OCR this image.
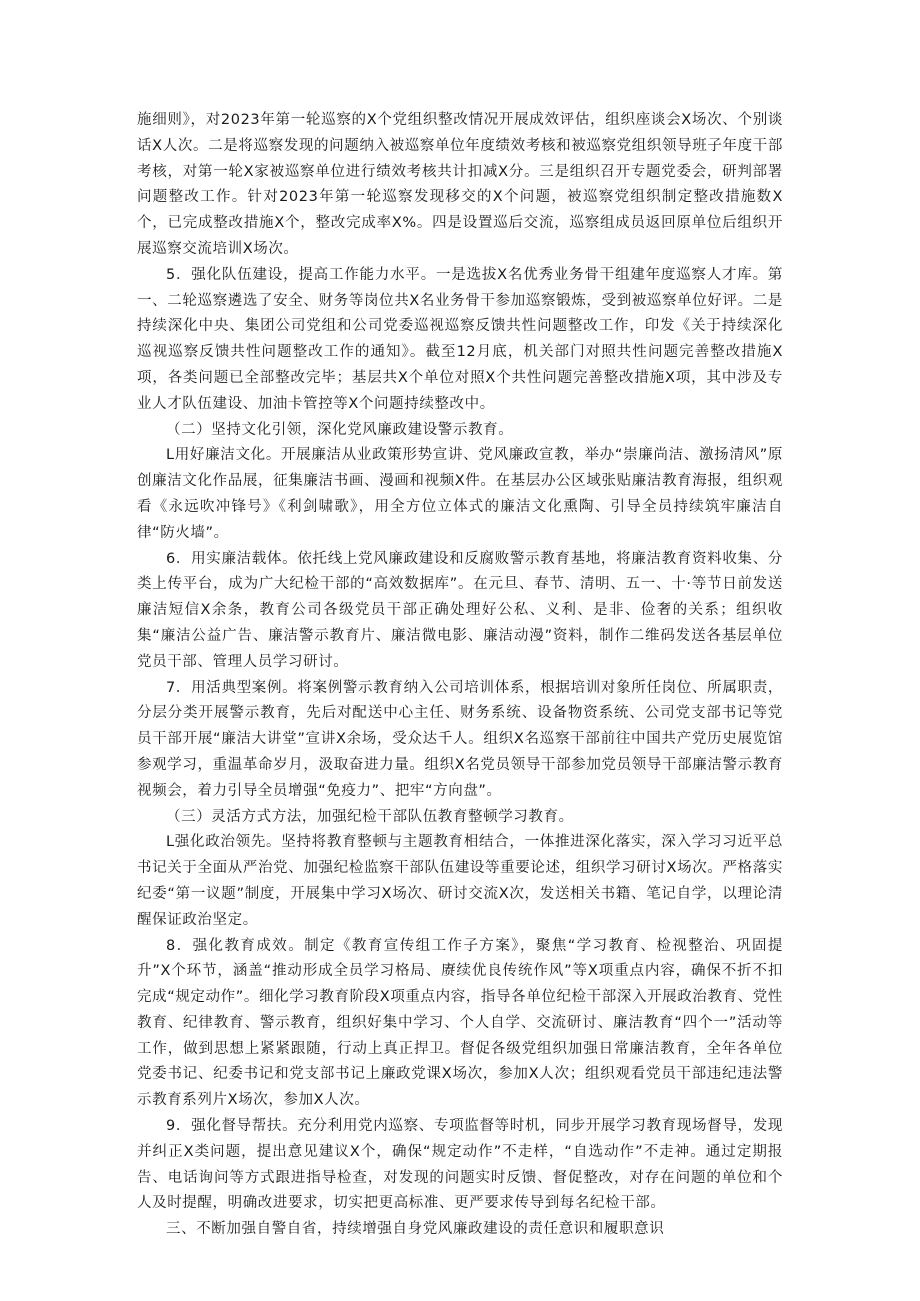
施细则》，对2023年第一轮巡察的X个党组织整改情况开展成效评估，组织座谈会X场次、个别谈话X人次。二是将巡察发现的问题纳入被巡察单位年度绩效考核和被巡察党组织领导班子年度干部考核，对第一轮X家被巡察单位进行绩效考核共计扣减X分。三是组织召开专题党委会，研判部署问题整改工作。针对2023年第一轮巡察发现移交的X个问题，被巡察党组织制定整改措施数X个，已完成整改措施X个，整改完成率X%。四是设置巡后交流，巡察组成员返回原单位后组织开展巡察交流培训X场次。

5．强化队伍建设，提高工作能力水平。一是选拔X名优秀业务骨干组建年度巡察人才库。第一、二轮巡察遴选了安全、财务等岗位共X名业务骨干参加巡察锻炼，受到被巡察单位好评。二是持续深化中央、集团公司党组和公司党委巡视巡察反馈共性问题整改工作，印发《关于持续深化巡视巡察反馈共性问题整改工作的通知》。截至12月底，机关部门对照共性问题完善整改措施X项，各类问题已全部整改完毕；基层共X个单位对照X个共性问题完善整改措施X项，其中涉及专业人才队伍建设、加油卡管控等X个问题持续整改中。

（二）坚持文化引领，深化党风廉政建设警示教育。

L用好廉洁文化。开展廉洁从业政策形势宣讲、党风廉政宣教，举办“崇廉尚洁、激扬清风”原创廉洁文化作品展，征集廉洁书画、漫画和视频X件。在基层办公区域张贴廉洁教育海报，组织观看《永远吹冲锋号》《利剑啸歌》，用全方位立体式的廉洁文化熏陶、引导全员持续筑牢廉洁自律“防火墙”。

6．用实廉洁载体。依托线上党风廉政建设和反腐败警示教育基地，将廉洁教育资料收集、分类上传平台，成为广大纪检干部的“高效数据库”。在元旦、春节、清明、五一、十·等节日前发送廉洁短信X余条，教育公司各级党员干部正确处理好公私、义利、是非、俭奢的关系；组织收集“廉洁公益广告、廉洁警示教育片、廉洁微电影、廉洁动漫”资料，制作二维码发送各基层单位党员干部、管理人员学习研讨。

7．用活典型案例。将案例警示教育纳入公司培训体系，根据培训对象所任岗位、所属职责，分层分类开展警示教育，先后对配送中心主任、财务系统、设备物资系统、公司党支部书记等党员干部开展“廉洁大讲堂”宣讲X余场，受众达千人。组织X名巡察干部前往中国共产党历史展览馆参观学习，重温革命岁月，汲取奋进力量。组织X名党员领导干部参加党员领导干部廉洁警示教育视频会，着力引导全员增强“免疫力”、把牢“方向盘”。

（三）灵活方式方法，加强纪检干部队伍教育整顿学习教育。

L强化政治领先。坚持将教育整顿与主题教育相结合，一体推进深化落实，深入学习习近平总书记关于全面从严治党、加强纪检监察干部队伍建设等重要论述，组织学习研讨X场次。严格落实纪委“第一议题”制度，开展集中学习X场次、研讨交流X次，发送相关书籍、笔记自学，以理论清醒保证政治坚定。

8．强化教育成效。制定《教育宣传组工作子方案》，聚焦“学习教育、检视整治、巩固提升”X个环节，涵盖“推动形成全员学习格局、赓续优良传统作风”等X项重点内容，确保不折不扣完成“规定动作”。细化学习教育阶段X项重点内容，指导各单位纪检干部深入开展政治教育、党性教育、纪律教育、警示教育，组织好集中学习、个人自学、交流研讨、廉洁教育“四个一”活动等工作，做到思想上紧紧跟随，行动上真正捍卫。督促各级党组织加强日常廉洁教育，全年各单位党委书记、纪委书记和党支部书记上廉政党课X场次，参加X人次；组织观看党员干部违纪违法警示教育系列片X场次，参加X人次。

9．强化督导帮扶。充分利用党内巡察、专项监督等时机，同步开展学习教育现场督导，发现并纠正X类问题，提出意见建议X个，确保“规定动作”不走样，“自选动作”不走神。通过定期报告、电话询问等方式跟进指导检查，对发现的问题实时反馈、督促整改，对存在问题的单位和个人及时提醒，明确改进要求，切实把更高标准、更严要求传导到每名纪检干部。

三、不断加强自警自省，持续增强自身党风廉政建设的责任意识和履职意识
